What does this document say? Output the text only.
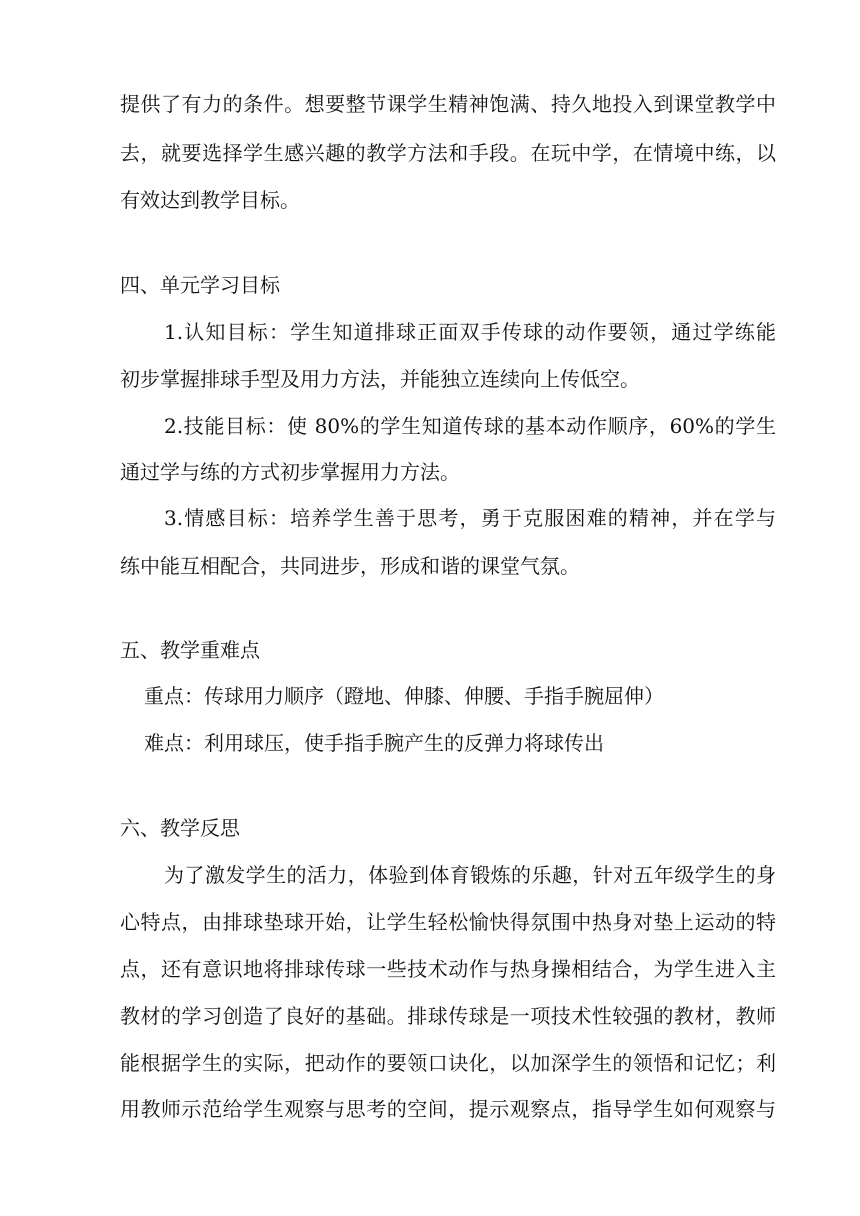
提供了有力的条件。想要整节课学生精神饱满、持久地投入到课堂教学中
去，就要选择学生感兴趣的教学方法和手段。在玩中学，在情境中练，以
有效达到教学目标。
四、单元学习目标
1.认知目标：学生知道排球正面双手传球的动作要领，通过学练能
初步掌握排球手型及用力方法，并能独立连续向上传低空。
2.技能目标：使 80%的学生知道传球的基本动作顺序，60%的学生
通过学与练的方式初步掌握用力方法。
3.情感目标：培养学生善于思考，勇于克服困难的精神，并在学与
练中能互相配合，共同进步，形成和谐的课堂气氛。
五、教学重难点
重点：传球用力顺序（蹬地、伸膝、伸腰、手指手腕屈伸）
难点：利用球压，使手指手腕产生的反弹力将球传出
六、教学反思
为了激发学生的活力，体验到体育锻炼的乐趣，针对五年级学生的身
心特点，由排球垫球开始，让学生轻松愉快得氛围中热身对垫上运动的特
点，还有意识地将排球传球一些技术动作与热身操相结合，为学生进入主
教材的学习创造了良好的基础。排球传球是一项技术性较强的教材，教师
能根据学生的实际，把动作的要领口诀化，以加深学生的领悟和记忆；利
用教师示范给学生观察与思考的空间，提示观察点，指导学生如何观察与
